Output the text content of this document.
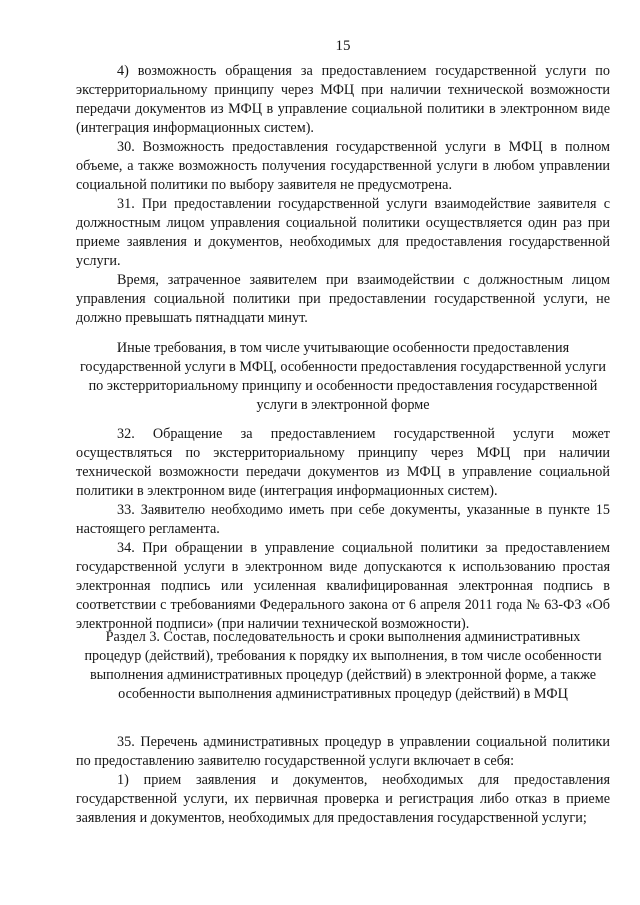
15

4) возможность обращения за предоставлением государственной услуги по экстерриториальному принципу через МФЦ при наличии технической возможности передачи документов из МФЦ в управление социальной политики в электронном виде (интеграция информационных систем).

30. Возможность предоставления государственной услуги в МФЦ в полном объеме, а также возможность получения государственной услуги в любом управлении социальной политики по выбору заявителя не предусмотрена.

31. При предоставлении государственной услуги взаимодействие заявителя с должностным лицом управления социальной политики осуществляется один раз при приеме заявления и документов, необходимых для предоставления государственной услуги.

Время, затраченное заявителем при взаимодействии с должностным лицом управления социальной политики при предоставлении государственной услуги, не должно превышать пятнадцати минут.

Иные требования, в том числе учитывающие особенности предоставления государственной услуги в МФЦ, особенности предоставления государственной услуги по экстерриториальному принципу и особенности предоставления государственной услуги в электронной форме

32. Обращение за предоставлением государственной услуги может осуществляться по экстерриториальному принципу через МФЦ при наличии технической возможности передачи документов из МФЦ в управление социальной политики в электронном виде (интеграция информационных систем).

33. Заявителю необходимо иметь при себе документы, указанные в пункте 15 настоящего регламента.

34. При обращении в управление социальной политики за предоставлением государственной услуги в электронном виде допускаются к использованию простая электронная подпись или усиленная квалифицированная электронная подпись в соответствии с требованиями Федерального закона от 6 апреля 2011 года № 63-ФЗ «Об электронной подписи» (при наличии технической возможности).

Раздел 3. Состав, последовательность и сроки выполнения административных процедур (действий), требования к порядку их выполнения, в том числе особенности выполнения административных процедур (действий) в электронной форме, а также особенности выполнения административных процедур (действий) в МФЦ

35. Перечень административных процедур в управлении социальной политики по предоставлению заявителю государственной услуги включает в себя:

1) прием заявления и документов, необходимых для предоставления государственной услуги, их первичная проверка и регистрация либо отказ в приеме заявления и документов, необходимых для предоставления государственной услуги;
